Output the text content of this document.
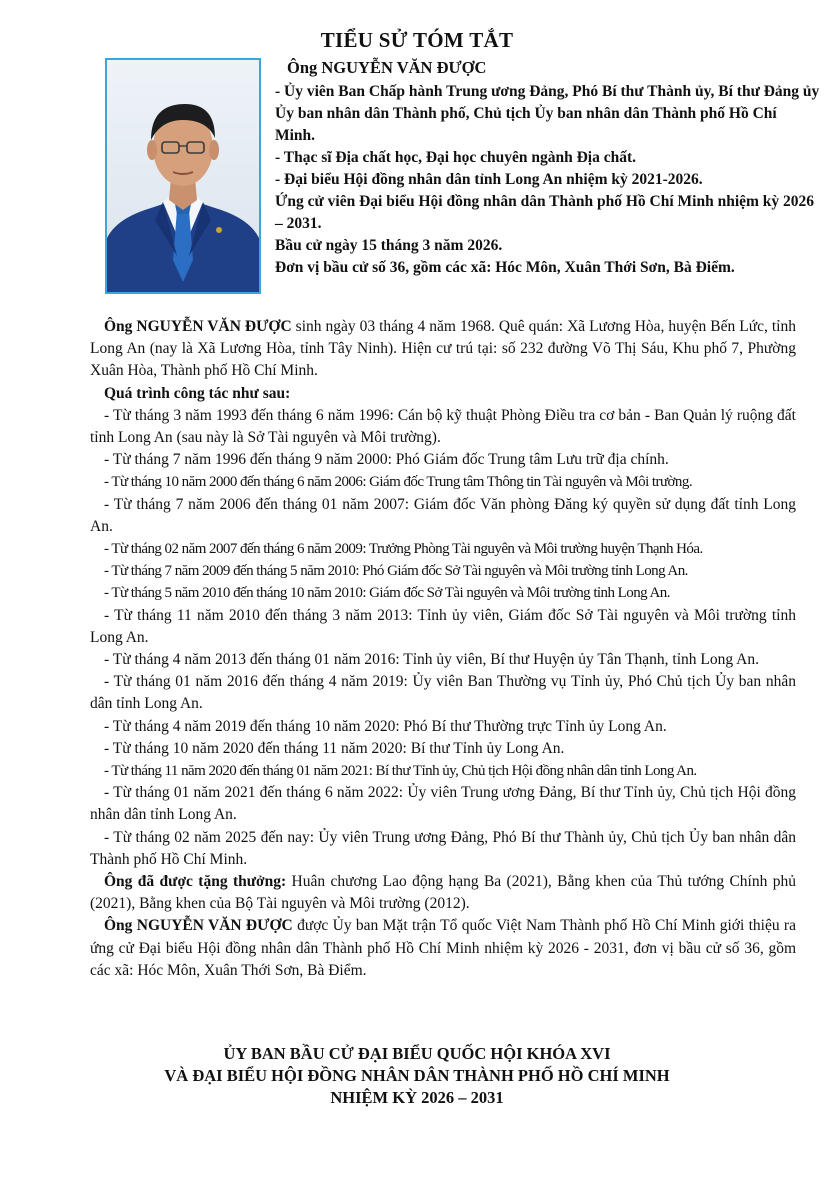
TIỂU SỬ TÓM TẮT

Ông NGUYỄN VĂN ĐƯỢC

- Ủy viên Ban Chấp hành Trung ương Đảng, Phó Bí thư Thành ủy, Bí thư Đảng ủy Ủy ban nhân dân Thành phố, Chủ tịch Ủy ban nhân dân Thành phố Hồ Chí Minh.

- Thạc sĩ Địa chất học, Đại học chuyên ngành Địa chất.

- Đại biểu Hội đồng nhân dân tỉnh Long An nhiệm kỳ 2021-2026.

Ứng cử viên Đại biểu Hội đồng nhân dân Thành phố Hồ Chí Minh nhiệm kỳ 2026 – 2031.

Bầu cử ngày 15 tháng 3 năm 2026.

Đơn vị bầu cử số 36, gồm các xã: Hóc Môn, Xuân Thới Sơn, Bà Điểm.

Ông NGUYỄN VĂN ĐƯỢC sinh ngày 03 tháng 4 năm 1968. Quê quán: Xã Lương Hòa, huyện Bến Lức, tỉnh Long An (nay là Xã Lương Hòa, tỉnh Tây Ninh). Hiện cư trú tại: số 232 đường Võ Thị Sáu, Khu phố 7, Phường Xuân Hòa, Thành phố Hồ Chí Minh.

Quá trình công tác như sau:

- Từ tháng 3 năm 1993 đến tháng 6 năm 1996: Cán bộ kỹ thuật Phòng Điều tra cơ bản - Ban Quản lý ruộng đất tỉnh Long An (sau này là Sở Tài nguyên và Môi trường).

- Từ tháng 7 năm 1996 đến tháng 9 năm 2000: Phó Giám đốc Trung tâm Lưu trữ địa chính.

- Từ tháng 10 năm 2000 đến tháng 6 năm 2006: Giám đốc Trung tâm Thông tin Tài nguyên và Môi trường.

- Từ tháng 7 năm 2006 đến tháng 01 năm 2007: Giám đốc Văn phòng Đăng ký quyền sử dụng đất tỉnh Long An.

- Từ tháng 02 năm 2007 đến tháng 6 năm 2009: Trưởng Phòng Tài nguyên và Môi trường huyện Thạnh Hóa.

- Từ tháng 7 năm 2009 đến tháng 5 năm 2010: Phó Giám đốc Sở Tài nguyên và Môi trường tỉnh Long An.

- Từ tháng 5 năm 2010 đến tháng 10 năm 2010: Giám đốc Sở Tài nguyên và Môi trường tỉnh Long An.

- Từ tháng 11 năm 2010 đến tháng 3 năm 2013: Tỉnh ủy viên, Giám đốc Sở Tài nguyên và Môi trường tỉnh Long An.

- Từ tháng 4 năm 2013 đến tháng 01 năm 2016: Tỉnh ủy viên, Bí thư Huyện ủy Tân Thạnh, tỉnh Long An.

- Từ tháng 01 năm 2016 đến tháng 4 năm 2019: Ủy viên Ban Thường vụ Tỉnh ủy, Phó Chủ tịch Ủy ban nhân dân tỉnh Long An.

- Từ tháng 4 năm 2019 đến tháng 10 năm 2020: Phó Bí thư Thường trực Tỉnh ủy Long An.

- Từ tháng 10 năm 2020 đến tháng 11 năm 2020: Bí thư Tỉnh ủy Long An.

- Từ tháng 11 năm 2020 đến tháng 01 năm 2021: Bí thư Tỉnh ủy, Chủ tịch Hội đồng nhân dân tỉnh Long An.

- Từ tháng 01 năm 2021 đến tháng 6 năm 2022: Ủy viên Trung ương Đảng, Bí thư Tỉnh ủy, Chủ tịch Hội đồng nhân dân tỉnh Long An.

- Từ tháng 02 năm 2025 đến nay: Ủy viên Trung ương Đảng, Phó Bí thư Thành ủy, Chủ tịch Ủy ban nhân dân Thành phố Hồ Chí Minh.

Ông đã được tặng thưởng: Huân chương Lao động hạng Ba (2021), Bằng khen của Thủ tướng Chính phủ (2021), Bằng khen của Bộ Tài nguyên và Môi trường (2012).

Ông NGUYỄN VĂN ĐƯỢC được Ủy ban Mặt trận Tổ quốc Việt Nam Thành phố Hồ Chí Minh giới thiệu ra ứng cử Đại biểu Hội đồng nhân dân Thành phố Hồ Chí Minh nhiệm kỳ 2026 - 2031, đơn vị bầu cử số 36, gồm các xã: Hóc Môn, Xuân Thới Sơn, Bà Điểm.

ỦY BAN BẦU CỬ ĐẠI BIỂU QUỐC HỘI KHÓA XVI
VÀ ĐẠI BIỂU HỘI ĐỒNG NHÂN DÂN THÀNH PHỐ HỒ CHÍ MINH
NHIỆM KỲ 2026 – 2031
